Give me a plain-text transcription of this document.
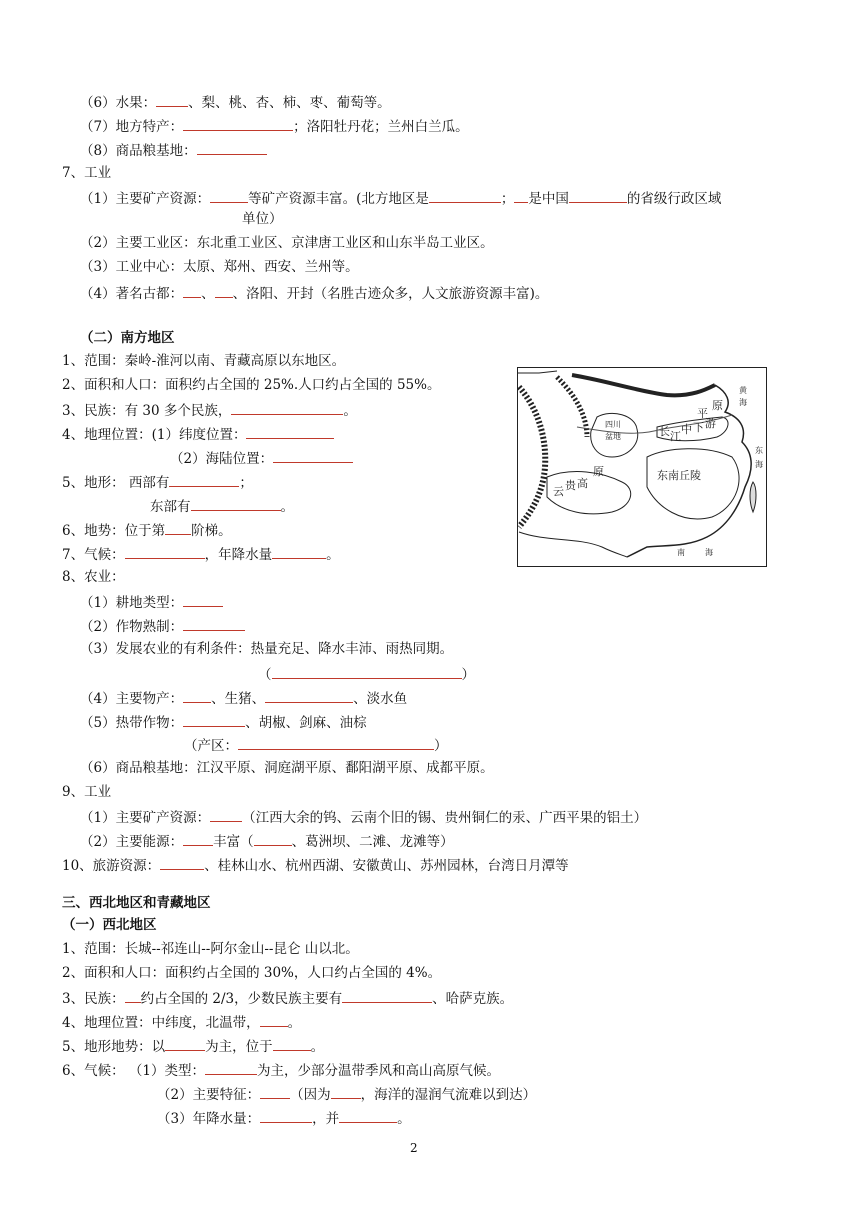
（6）水果： 、梨、桃、杏、柿、枣、葡萄等。
（7）地方特产：	；洛阳牡丹花；兰州白兰瓜。
（8）商品粮基地：
7、工业
（1）主要矿产资源：	等矿产资源丰富。(北方地区是	； 是中国	的省级行政区域
单位）
（2）主要工业区：东北重工业区、京津唐工业区和山东半岛工业区。
（3）工业中心：太原、郑州、西安、兰州等。
（4）著名古都： 、 、洛阳、开封（名胜古迹众多，人文旅游资源丰富)。
（二）南方地区
1、范围：秦岭-淮河以南、青藏高原以东地区。
2、面积和人口：面积约占全国的 25%.人口约占全国的 55%。
3、民族：有 30 多个民族，	。
4、地理位置：(1）纬度位置：
（2）海陆位置：
5、地形： 西部有	；
东部有	。
6、地势：位于第 阶梯。
7、气候：	，年降水量	。
8、农业：
（1）耕地类型：
（2）作物熟制：
（3）发展农业的有利条件：热量充足、降水丰沛、雨热同期。
（	）
（4）主要物产： 、生猪、	、淡水鱼
（5）热带作物：	、胡椒、剑麻、油棕
（产区：	）
（6）商品粮基地：江汉平原、洞庭湖平原、鄱阳湖平原、成都平原。
9、工业
（1）主要矿产资源： （江西大余的钨、云南个旧的锡、贵州铜仁的汞、广西平果的铝土）
（2）主要能源： 丰富（	、葛洲坝、二滩、龙滩等）
10、旅游资源：	、桂林山水、杭州西湖、安徽黄山、苏州园林，台湾日月潭等
四川
盆地	长 江
中 下 游
平
原
东南丘陵
云 贵 高
原
黄
海
东
海
南	海
三、西北地区和青藏地区
（一）西北地区
1、范围：长城--祁连山--阿尔金山--昆仑 山以北。
2、面积和人口：面积约占全国的 30%，人口约占全国的 4%。
3、民族： 约占全国的 2/3，少数民族主要有	、哈萨克族。
4、地理位置：中纬度，北温带， 。
5、地形地势：以	为主，位于	。
6、气候： （1）类型：	为主，少部分温带季风和高山高原气候。
（2）主要特征： （因为 ，海洋的湿润气流难以到达）
（3）年降水量：	，并	。
2
